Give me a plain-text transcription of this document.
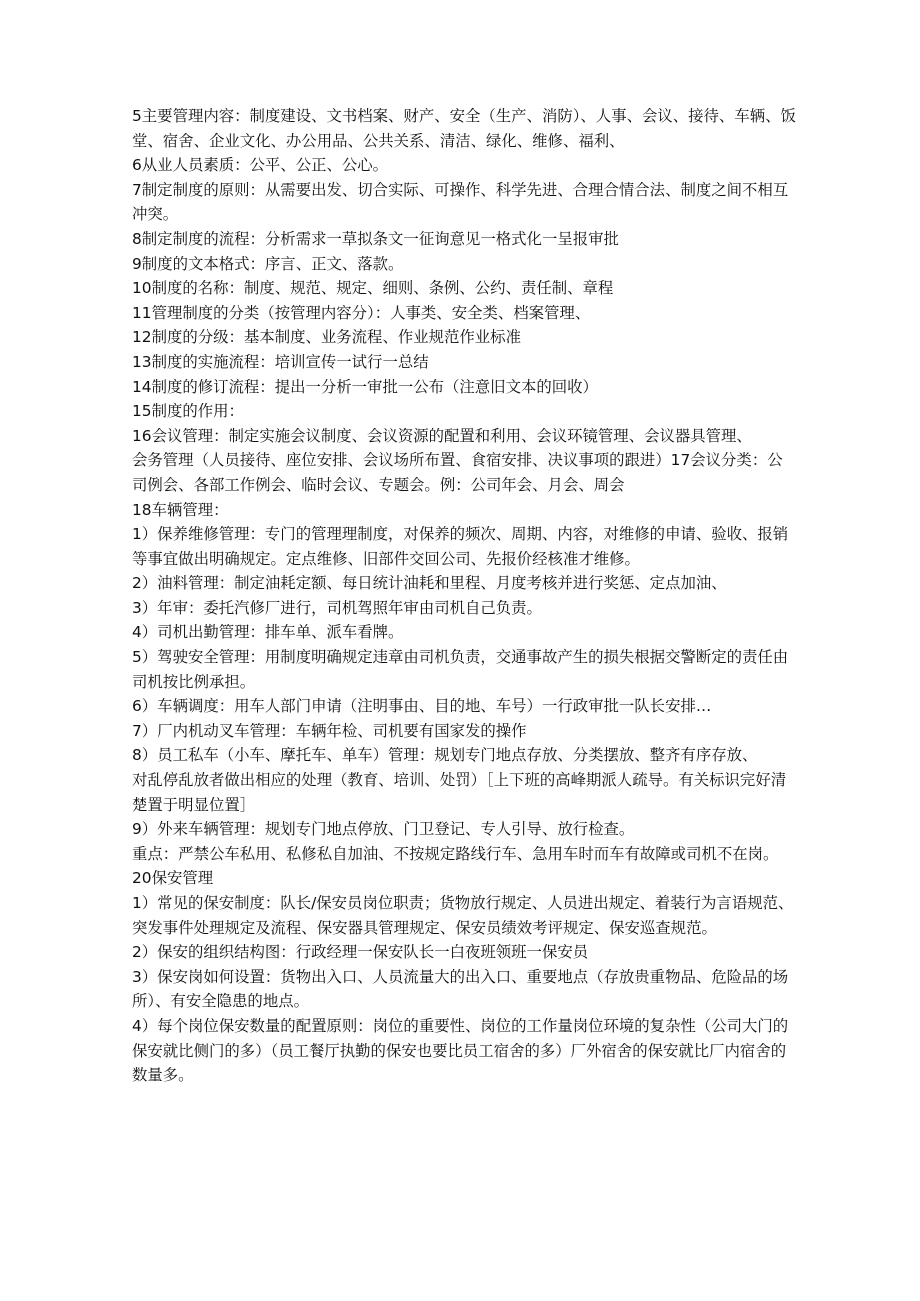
5主要管理内容：制度建设、文书档案、财产、安全（生产、消防）、人事、会议、接待、车辆、饭堂、宿舍、企业文化、办公用品、公共关系、清洁、绿化、维修、福利、

6从业人员素质：公平、公正、公心。

7制定制度的原则：从需要出发、切合实际、可操作、科学先进、合理合情合法、制度之间不相互冲突。

8制定制度的流程：分析需求一草拟条文一征询意见一格式化一呈报审批

9制度的文本格式：序言、正文、落款。

10制度的名称：制度、规范、规定、细则、条例、公约、责任制、章程

11管理制度的分类（按管理内容分）：人事类、安全类、档案管理、

12制度的分级：基本制度、业务流程、作业规范作业标准

13制度的实施流程：培训宣传一试行一总结

14制度的修订流程：提出一分析一审批一公布（注意旧文本的回收）

15制度的作用：

16会议管理：制定实施会议制度、会议资源的配置和利用、会议环镜管理、会议器具管理、

会务管理（人员接待、座位安排、会议场所布置、食宿安排、决议事项的跟进）17会议分类：公司例会、各部工作例会、临时会议、专题会。例：公司年会、月会、周会

18车辆管理：

1）保养维修管理：专门的管理理制度，对保养的频次、周期、内容，对维修的申请、验收、报销等事宜做出明确规定。定点维修、旧部件交回公司、先报价经核准才维修。

2）油料管理：制定油耗定额、每日统计油耗和里程、月度考核并进行奖惩、定点加油、

3）年审：委托汽修厂进行，司机驾照年审由司机自己负责。

4）司机出勤管理：排车单、派车看牌。

5）驾驶安全管理：用制度明确规定违章由司机负责，交通事故产生的损失根据交警断定的责任由司机按比例承担。

6）车辆调度：用车人部门申请（注明事由、目的地、车号）一行政审批一队长安排…

7）厂内机动叉车管理：车辆年检、司机要有国家发的操作

8）员工私车（小车、摩托车、单车）管理：规划专门地点存放、分类摆放、整齐有序存放、

对乱停乱放者做出相应的处理（教育、培训、处罚）［上下班的高峰期派人疏导。有关标识完好清楚置于明显位置］

9）外来车辆管理：规划专门地点停放、门卫登记、专人引导、放行检查。

重点：严禁公车私用、私修私自加油、不按规定路线行车、急用车时而车有故障或司机不在岗。

20保安管理

1）常见的保安制度：队长/保安员岗位职责；货物放行规定、人员进出规定、着装行为言语规范、突发事件处理规定及流程、保安器具管理规定、保安员绩效考评规定、保安巡查规范。

2）保安的组织结构图：行政经理一保安队长一白夜班领班一保安员

3）保安岗如何设置：货物出入口、人员流量大的出入口、重要地点（存放贵重物品、危险品的场所）、有安全隐患的地点。

4）每个岗位保安数量的配置原则：岗位的重要性、岗位的工作量岗位环境的复杂性（公司大门的保安就比侧门的多）（员工餐厅执勤的保安也要比员工宿舍的多）厂外宿舍的保安就比厂内宿舍的数量多。
